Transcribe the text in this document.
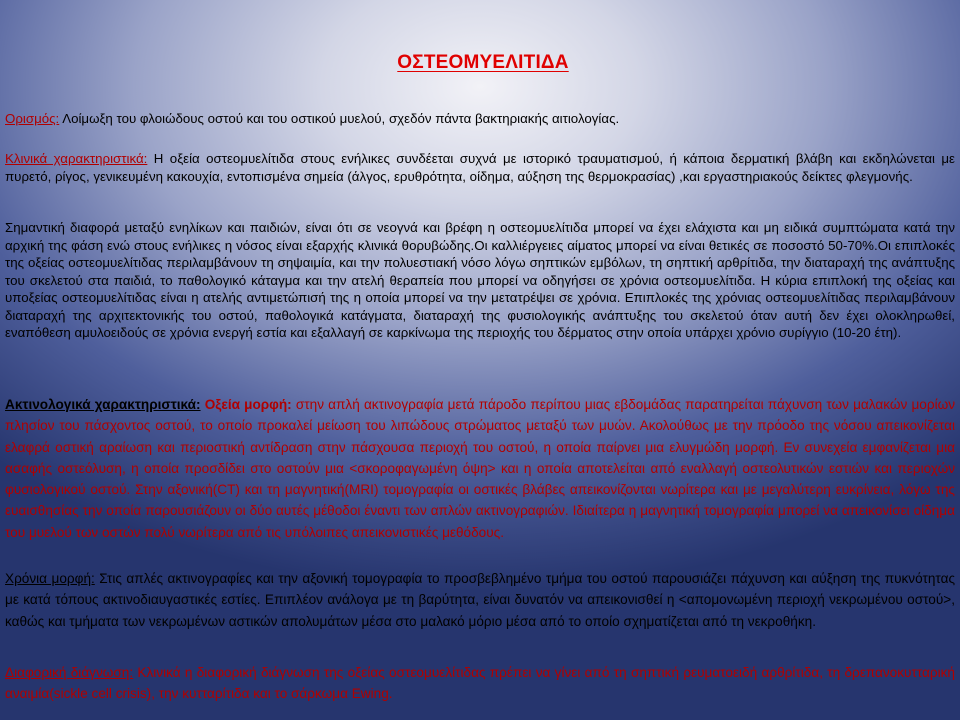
ΟΣΤΕΟΜΥΕΛΙΤΙΔΑ

Ορισμός: Λοίμωξη του φλοιώδους οστού και του οστικού μυελού, σχεδόν πάντα βακτηριακής αιτιολογίας.

Κλινικά χαρακτηριστικά: Η οξεία οστεομυελίτιδα στους ενήλικες συνδέεται συχνά με ιστορικό τραυματισμού, ή κάποια δερματική βλάβη και εκδηλώνεται με πυρετό, ρίγος, γενικευμένη κακουχία, εντοπισμένα σημεία (άλγος, ερυθρότητα, οίδημα, αύξηση της θερμοκρασίας) ,και εργαστηριακούς δείκτες φλεγμονής.

Σημαντική διαφορά μεταξύ ενηλίκων και παιδιών, είναι ότι σε νεογνά και βρέφη η οστεομυελίτιδα μπορεί να έχει ελάχιστα και μη ειδικά συμπτώματα κατά την αρχική της φάση ενώ στους ενήλικες η νόσος είναι εξαρχής κλινικά θορυβώδης.Οι καλλιέργειες αίματος μπορεί να είναι θετικές σε ποσοστό 50-70%.Οι επιπλοκές της οξείας οστεομυελίτιδας περιλαμβάνουν τη σηψαιμία, και την πολυεστιακή νόσο λόγω σηπτικών εμβόλων, τη σηπτική αρθρίτιδα, την διαταραχή της ανάπτυξης του σκελετού στα παιδιά, το παθολογικό κάταγμα και την ατελή θεραπεία που μπορεί να οδηγήσει σε χρόνια οστεομυελίτιδα. Η κύρια επιπλοκή της οξείας και υποξείας οστεομυελίτιδας είναι η ατελής αντιμετώπισή της η οποία μπορεί να την μετατρέψει σε χρόνια. Επιπλοκές της χρόνιας οστεομυελίτιδας περιλαμβάνουν διαταραχή της αρχιτεκτονικής του οστού, παθολογικά κατάγματα, διαταραχή της φυσιολογικής ανάπτυξης του σκελετού όταν αυτή δεν έχει ολοκληρωθεί, εναπόθεση αμυλοειδούς σε χρόνια ενεργή εστία και εξαλλαγή σε καρκίνωμα της περιοχής του δέρματος στην οποία υπάρχει χρόνιο συρίγγιο (10-20 έτη).

Ακτινολογικά χαρακτηριστικά: Οξεία μορφή: στην απλή ακτινογραφία μετά πάροδο περίπου μιας εβδομάδας παρατηρείται πάχυνση των μαλακών μορίων πλησίον του πάσχοντος οστού, το οποίο προκαλεί μείωση του λιπώδους στρώματος μεταξύ των μυών. Ακολούθως με την πρόοδο της νόσου απεικονίζεται ελαφρά οστική αραίωση και περιοστική αντίδραση στην πάσχουσα περιοχή του οστού, η οποία παίρνει μια ελυγμώδη μορφή. Εν συνεχεία εμφανίζεται μια ασαφής οστεόλυση, η οποία προσδίδει στο οστούν μια <σκοροφαγωμένη όψη> και η οποία αποτελείται από εναλλαγή οστεολυτικών εστιών και περιοχών φυσιολογικού οστού. Στην αξονική(CT) και τη μαγνητική(MRI) τομογραφία οι οστικές βλάβες απεικονίζονται νωρίτερα και με μεγαλύτερη ευκρίνεια, λόγω της ευαισθησίας την οποία παρουσιάζουν οι δύο αυτές μέθοδοι έναντι των απλών ακτινογραφιών. Ιδιαίτερα η μαγνητική τομογραφία μπορεί να απεικονίσει οίδημα του μυελού των οστών πολύ νωρίτερα από τις υπόλοιπες απεικονιστικές μεθόδους.

Χρόνια μορφή: Στις απλές ακτινογραφίες και την αξονική τομογραφία το προσβεβλημένο τμήμα του οστού παρουσιάζει πάχυνση και αύξηση της πυκνότητας με κατά τόπους ακτινοδιαυγαστικές εστίες. Επιπλέον ανάλογα με τη βαρύτητα, είναι δυνατόν να απεικονισθεί η <απομονωμένη περιοχή νεκρωμένου οστού>, καθώς και τμήματα των νεκρωμένων αστικών απολυμάτων μέσα στο μαλακό μόριο μέσα από το οποίο σχηματίζεται από τη νεκροθήκη.

Διαφορική διάγνωση: Κλινικά η διαφορική διάγνωση της οξείας οστεομυελίτιδας πρέπει να γίνει από τη σηπτική ρευματοειδή αρθρίτιδα, τη δρεπανοκυτταρική αναιμία(sickle cell crisis), την κυτταρίτιδα και το σάρκωμα Ewing.
